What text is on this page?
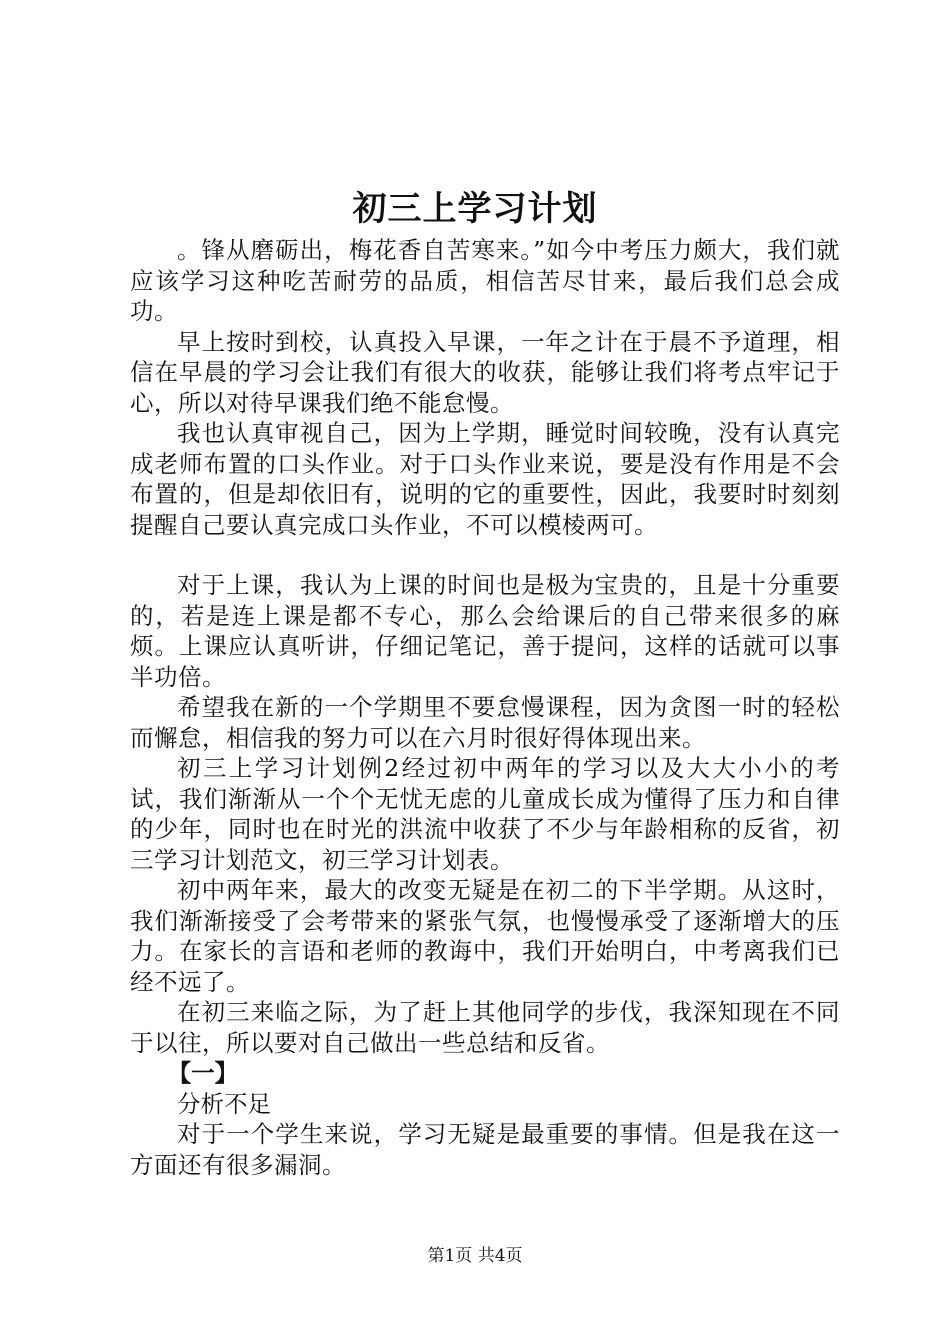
初三上学习计划

。锋从磨砺出，梅花香自苦寒来。”如今中考压力颇大，我们就应该学习这种吃苦耐劳的品质，相信苦尽甘来，最后我们总会成功。

早上按时到校，认真投入早课，一年之计在于晨不予道理，相信在早晨的学习会让我们有很大的收获，能够让我们将考点牢记于心，所以对待早课我们绝不能怠慢。

我也认真审视自己，因为上学期，睡觉时间较晚，没有认真完成老师布置的口头作业。对于口头作业来说，要是没有作用是不会布置的，但是却依旧有，说明的它的重要性，因此，我要时时刻刻提醒自己要认真完成口头作业，不可以模棱两可。

对于上课，我认为上课的时间也是极为宝贵的，且是十分重要的，若是连上课是都不专心，那么会给课后的自己带来很多的麻烦。上课应认真听讲，仔细记笔记，善于提问，这样的话就可以事半功倍。

希望我在新的一个学期里不要怠慢课程，因为贪图一时的轻松而懈怠，相信我的努力可以在六月时很好得体现出来。

初三上学习计划例2经过初中两年的学习以及大大小小的考试，我们渐渐从一个个无忧无虑的儿童成长成为懂得了压力和自律的少年，同时也在时光的洪流中收获了不少与年龄相称的反省，初三学习计划范文，初三学习计划表。

初中两年来，最大的改变无疑是在初二的下半学期。从这时，我们渐渐接受了会考带来的紧张气氛，也慢慢承受了逐渐增大的压力。在家长的言语和老师的教诲中，我们开始明白，中考离我们已经不远了。

在初三来临之际，为了赶上其他同学的步伐，我深知现在不同于以往，所以要对自己做出一些总结和反省。

【一】

分析不足

对于一个学生来说，学习无疑是最重要的事情。但是我在这一方面还有很多漏洞。

第1页 共4页
